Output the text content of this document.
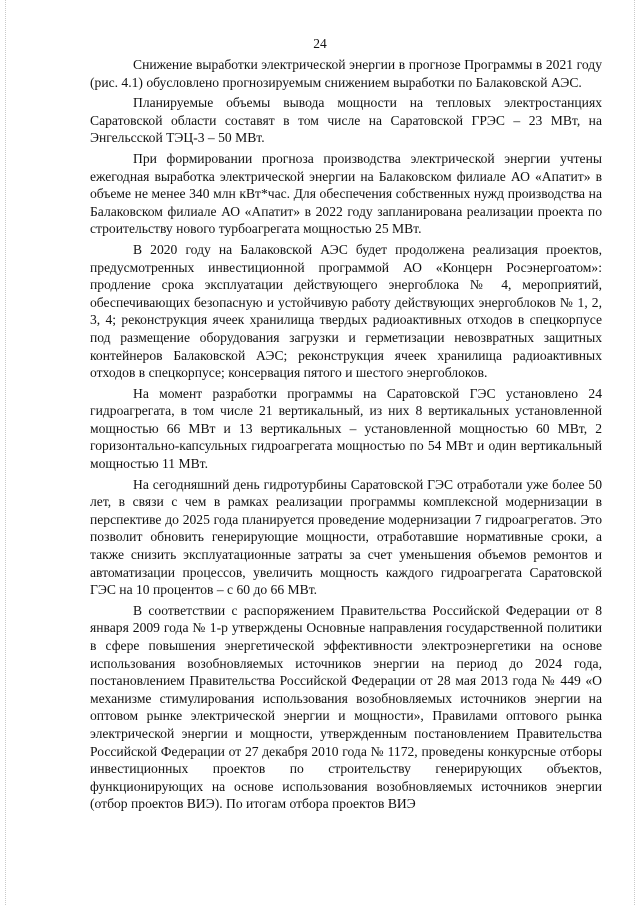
24

Снижение выработки электрической энергии в прогнозе Программы в 2021 году (рис. 4.1) обусловлено прогнозируемым снижением выработки по Балаковской АЭС.

Планируемые объемы вывода мощности на тепловых электростанциях Саратовской области составят в том числе на Саратовской ГРЭС – 23 МВт, на Энгельсской ТЭЦ-3 – 50 МВт.

При формировании прогноза производства электрической энергии учтены ежегодная выработка электрической энергии на Балаковском филиале АО «Апатит» в объеме не менее 340 млн кВт*час. Для обеспечения собственных нужд производства на Балаковском филиале АО «Апатит» в 2022 году запланирована реализации проекта по строительству нового турбоагрегата мощностью 25 МВт.

В 2020 году на Балаковской АЭС будет продолжена реализация проектов, предусмотренных инвестиционной программой АО «Концерн Росэнергоатом»: продление срока эксплуатации действующего энергоблока № 4, мероприятий, обеспечивающих безопасную и устойчивую работу действующих энергоблоков № 1, 2, 3, 4; реконструкция ячеек хранилища твердых радиоактивных отходов в спецкорпусе под размещение оборудования загрузки и герметизации невозвратных защитных контейнеров Балаковской АЭС; реконструкция ячеек хранилища радиоактивных отходов в спецкорпусе; консервация пятого и шестого энергоблоков.

На момент разработки программы на Саратовской ГЭС установлено 24 гидроагрегата, в том числе 21 вертикальный, из них 8 вертикальных установленной мощностью 66 МВт и 13 вертикальных – установленной мощностью 60 МВт, 2 горизонтально-капсульных гидроагрегата мощностью по 54 МВт и один вертикальный мощностью 11 МВт.

На сегодняшний день гидротурбины Саратовской ГЭС отработали уже более 50 лет, в связи с чем в рамках реализации программы комплексной модернизации в перспективе до 2025 года планируется проведение модернизации 7 гидроагрегатов. Это позволит обновить генерирующие мощности, отработавшие нормативные сроки, а также снизить эксплуатационные затраты за счет уменьшения объемов ремонтов и автоматизации процессов, увеличить мощность каждого гидроагрегата Саратовской ГЭС на 10 процентов – с 60 до 66 МВт.

В соответствии с распоряжением Правительства Российской Федерации от 8 января 2009 года № 1-р утверждены Основные направления государственной политики в сфере повышения энергетической эффективности электроэнергетики на основе использования возобновляемых источников энергии на период до 2024 года, постановлением Правительства Российской Федерации от 28 мая 2013 года № 449 «О механизме стимулирования использования возобновляемых источников энергии на оптовом рынке электрической энергии и мощности», Правилами оптового рынка электрической энергии и мощности, утвержденным постановлением Правительства Российской Федерации от 27 декабря 2010 года № 1172, проведены конкурсные отборы инвестиционных проектов по строительству генерирующих объектов, функционирующих на основе использования возобновляемых источников энергии (отбор проектов ВИЭ). По итогам отбора проектов ВИЭ
